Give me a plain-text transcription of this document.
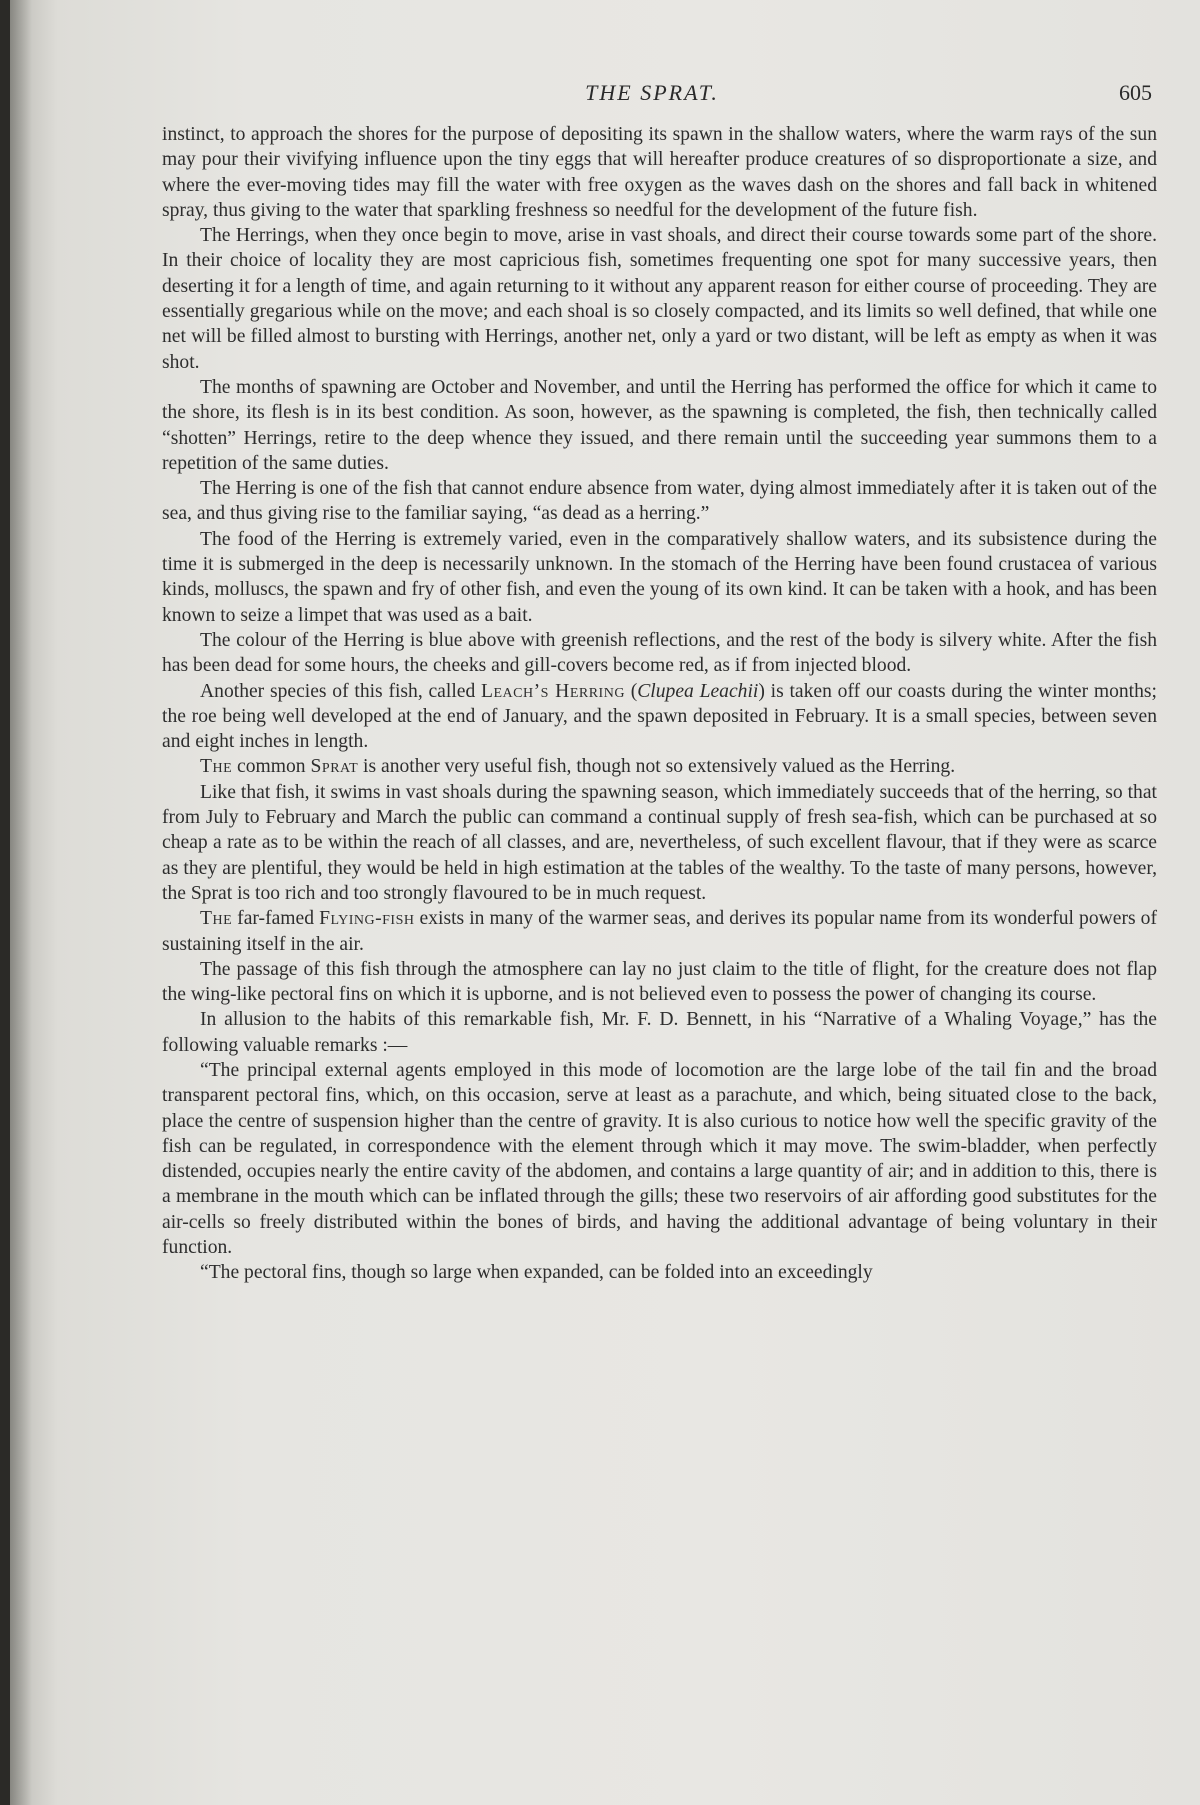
THE SPRAT.	605

instinct, to approach the shores for the purpose of depositing its spawn in the shallow waters, where the warm rays of the sun may pour their vivifying influence upon the tiny eggs that will hereafter produce creatures of so disproportionate a size, and where the ever-moving tides may fill the water with free oxygen as the waves dash on the shores and fall back in whitened spray, thus giving to the water that sparkling freshness so needful for the development of the future fish.

The Herrings, when they once begin to move, arise in vast shoals, and direct their course towards some part of the shore. In their choice of locality they are most capricious fish, sometimes frequenting one spot for many successive years, then deserting it for a length of time, and again returning to it without any apparent reason for either course of proceeding. They are essentially gregarious while on the move; and each shoal is so closely compacted, and its limits so well defined, that while one net will be filled almost to bursting with Herrings, another net, only a yard or two distant, will be left as empty as when it was shot.

The months of spawning are October and November, and until the Herring has performed the office for which it came to the shore, its flesh is in its best condition. As soon, however, as the spawning is completed, the fish, then technically called “shotten” Herrings, retire to the deep whence they issued, and there remain until the succeeding year summons them to a repetition of the same duties.

The Herring is one of the fish that cannot endure absence from water, dying almost immediately after it is taken out of the sea, and thus giving rise to the familiar saying, “as dead as a herring.”

The food of the Herring is extremely varied, even in the comparatively shallow waters, and its subsistence during the time it is submerged in the deep is necessarily unknown. In the stomach of the Herring have been found crustacea of various kinds, molluscs, the spawn and fry of other fish, and even the young of its own kind. It can be taken with a hook, and has been known to seize a limpet that was used as a bait.

The colour of the Herring is blue above with greenish reflections, and the rest of the body is silvery white. After the fish has been dead for some hours, the cheeks and gill-covers become red, as if from injected blood.

Another species of this fish, called Leach’s Herring (Clupea Leachii) is taken off our coasts during the winter months; the roe being well developed at the end of January, and the spawn deposited in February. It is a small species, between seven and eight inches in length.

The common Sprat is another very useful fish, though not so extensively valued as the Herring.

Like that fish, it swims in vast shoals during the spawning season, which immediately succeeds that of the herring, so that from July to February and March the public can command a continual supply of fresh sea-fish, which can be purchased at so cheap a rate as to be within the reach of all classes, and are, nevertheless, of such excellent flavour, that if they were as scarce as they are plentiful, they would be held in high estimation at the tables of the wealthy. To the taste of many persons, however, the Sprat is too rich and too strongly flavoured to be in much request.

The far-famed Flying-fish exists in many of the warmer seas, and derives its popular name from its wonderful powers of sustaining itself in the air.

The passage of this fish through the atmosphere can lay no just claim to the title of flight, for the creature does not flap the wing-like pectoral fins on which it is upborne, and is not believed even to possess the power of changing its course.

In allusion to the habits of this remarkable fish, Mr. F. D. Bennett, in his “Narrative of a Whaling Voyage,” has the following valuable remarks :—

“The principal external agents employed in this mode of locomotion are the large lobe of the tail fin and the broad transparent pectoral fins, which, on this occasion, serve at least as a parachute, and which, being situated close to the back, place the centre of suspension higher than the centre of gravity. It is also curious to notice how well the specific gravity of the fish can be regulated, in correspondence with the element through which it may move. The swim-bladder, when perfectly distended, occupies nearly the entire cavity of the abdomen, and contains a large quantity of air; and in addition to this, there is a membrane in the mouth which can be inflated through the gills; these two reservoirs of air affording good substitutes for the air-cells so freely distributed within the bones of birds, and having the additional advantage of being voluntary in their function.

“The pectoral fins, though so large when expanded, can be folded into an exceedingly
